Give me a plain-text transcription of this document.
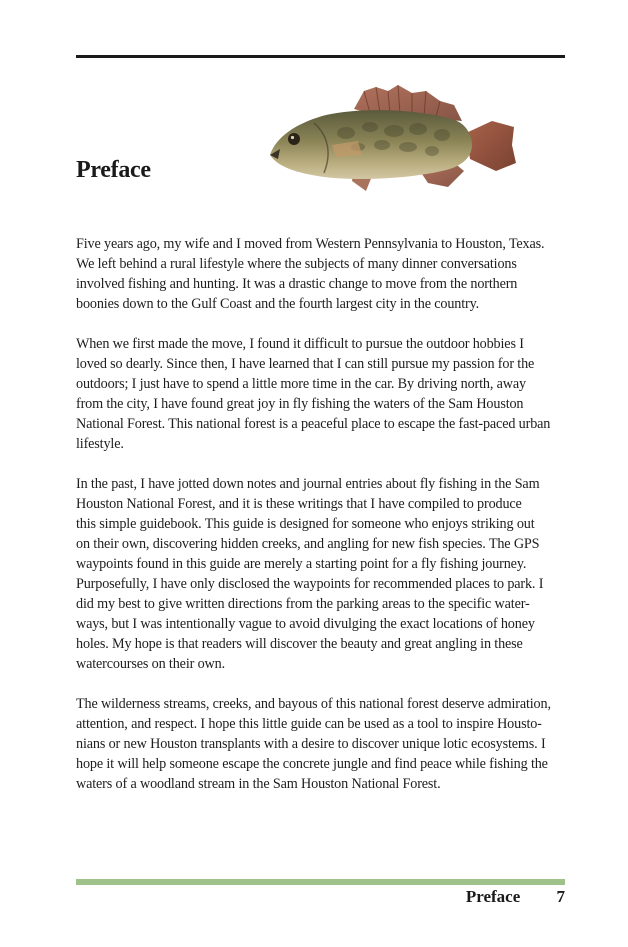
Preface

Five years ago, my wife and I moved from Western Pennsylvania to Houston, Texas.
We left behind a rural lifestyle where the subjects of many dinner conversations
involved fishing and hunting. It was a drastic change to move from the northern
boonies down to the Gulf Coast and the fourth largest city in the country.

When we first made the move, I found it difficult to pursue the outdoor hobbies I
loved so dearly. Since then, I have learned that I can still pursue my passion for the
outdoors; I just have to spend a little more time in the car. By driving north, away
from the city, I have found great joy in fly fishing the waters of the Sam Houston
National Forest. This national forest is a peaceful place to escape the fast-paced urban
lifestyle.

In the past, I have jotted down notes and journal entries about fly fishing in the Sam
Houston National Forest, and it is these writings that I have compiled to produce
this simple guidebook. This guide is designed for someone who enjoys striking out
on their own, discovering hidden creeks, and angling for new fish species. The GPS
waypoints found in this guide are merely a starting point for a fly fishing journey.
Purposefully, I have only disclosed the waypoints for recommended places to park. I
did my best to give written directions from the parking areas to the specific water-
ways, but I was intentionally vague to avoid divulging the exact locations of honey
holes. My hope is that readers will discover the beauty and great angling in these
watercourses on their own.

The wilderness streams, creeks, and bayous of this national forest deserve admiration,
attention, and respect. I hope this little guide can be used as a tool to inspire Housto-
nians or new Houston transplants with a desire to discover unique lotic ecosystems. I
hope it will help someone escape the concrete jungle and find peace while fishing the
waters of a woodland stream in the Sam Houston National Forest.

Preface 7
